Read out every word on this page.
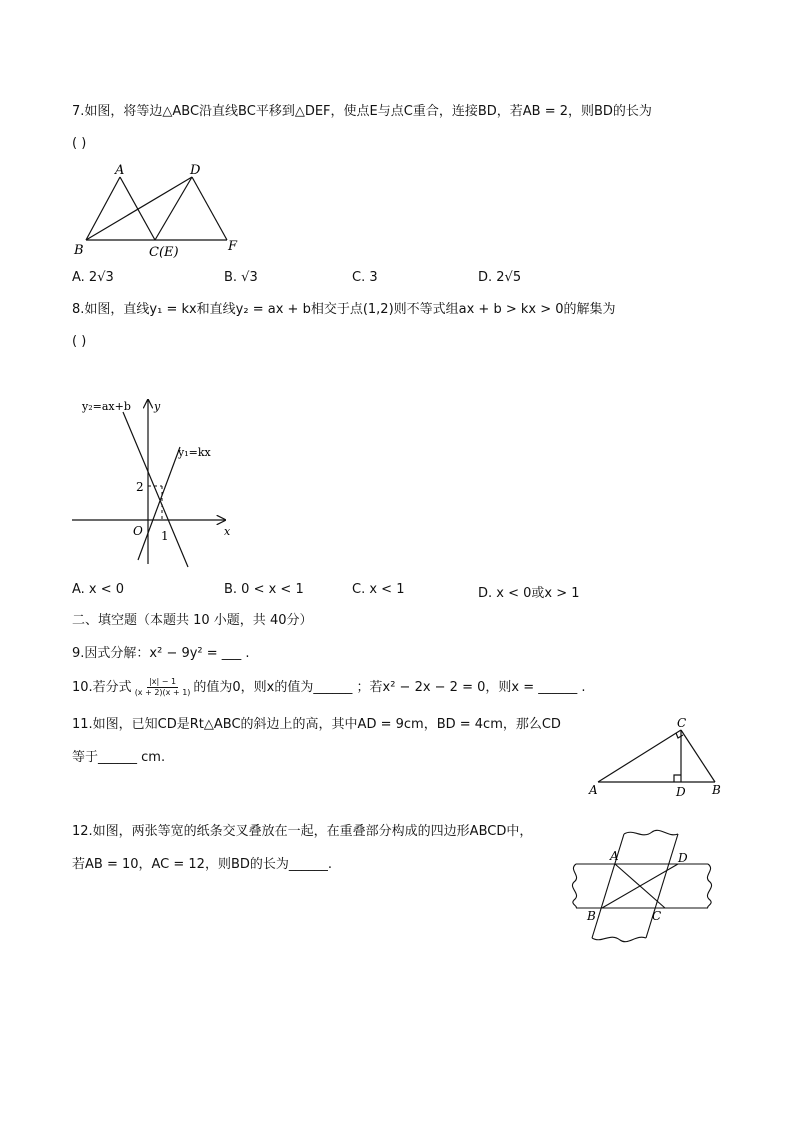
7.如图，将等边△ABC沿直线BC平移到△DEF，使点E与点C重合，连接BD，若AB = 2，则BD的长为
( )
A	D
B	C(E)	F
A. 2√3	B. √3	C. 3	D. 2√5
8.如图，直线y₁ = kx和直线y₂ = ax + b相交于点(1,2)则不等式组ax + b > kx > 0的解集为
( )
y₂=ax+b
y₁=kx
y
x
O
2
1
A. x < 0	B. 0 < x < 1	C. x < 1	D. x < 0或x > 1
二、填空题（本题共 10 小题，共 40分）
9.因式分解：x² − 9y² = ___ .
10.若分式 $\frac{|x| - 1}{(x + 2)(x + 1)}$ 的值为0，则x的值为______ ；若x² − 2x − 2 = 0，则x = ______ .
11.如图，已知CD是Rt△ABC的斜边上的高，其中AD = 9cm，BD = 4cm，那么CD
等于______ cm.
A	B
C
D
12.如图，两张等宽的纸条交叉叠放在一起，在重叠部分构成的四边形ABCD中，
若AB = 10，AC = 12，则BD的长为______.
A	D
B	C
